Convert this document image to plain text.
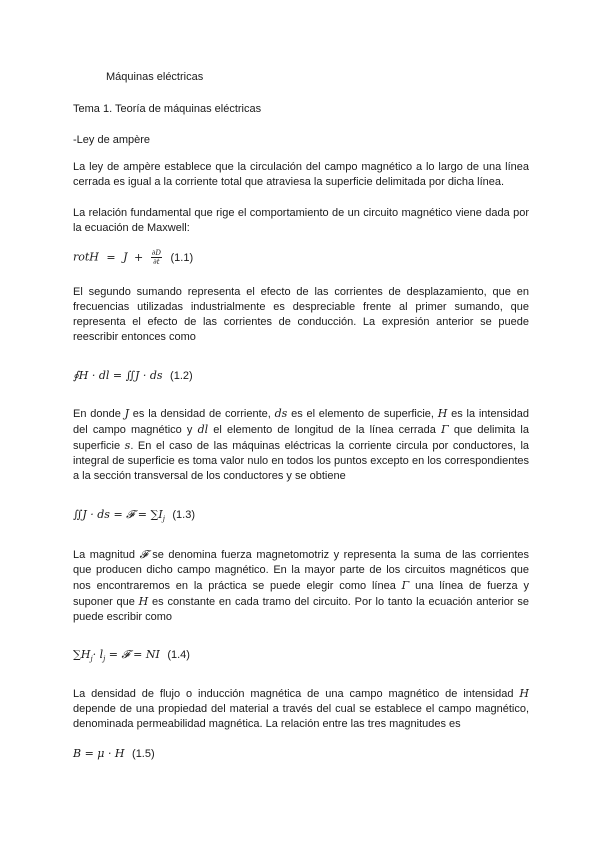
Máquinas eléctricas
Tema 1. Teoría de máquinas eléctricas
-Ley de ampère
La ley de ampère establece que la circulación del campo magnético a lo largo de una línea cerrada es igual a la corriente total que atraviesa la superficie delimitada por dicha línea.
La relación fundamental que rige el comportamiento de un circuito magnético viene dada por la ecuación de Maxwell:
rotH = $J + \frac{\partial D}{\partial t} (1.1)$
El segundo sumando representa el efecto de las corrientes de desplazamiento, que en frecuencias utilizadas industrialmente es despreciable frente al primer sumando, que representa el efecto de las corrientes de conducción. La expresión anterior se puede reescribir entonces como
∮H · dl = ∬J · ds (1.2)
En donde J es la densidad de corriente, ds es el elemento de superficie, H es la intensidad del campo magnético y dl el elemento de longitud de la línea cerrada Γ que delimita la superficie s. En el caso de las máquinas eléctricas la corriente circula por conductores, la integral de superficie es toma valor nulo en todos los puntos excepto en los correspondientes a la sección transversal de los conductores y se obtiene
∬J · ds = 𝓕 = $\sum I_j$ (1.3)
La magnitud 𝓕 se denomina fuerza magnetomotriz y representa la suma de las corrientes que producen dicho campo magnético. En la mayor parte de los circuitos magnéticos que nos encontraremos en la práctica se puede elegir como línea Γ una línea de fuerza y suponer que H es constante en cada tramo del circuito. Por lo tanto la ecuación anterior se puede escribir como
$\sum H_j\cdot l_j$ = 𝓕 = NI (1.4)
La densidad de flujo o inducción magnética de una campo magnético de intensidad H depende de una propiedad del material a través del cual se establece el campo magnético, denominada permeabilidad magnética. La relación entre las tres magnitudes es
B = μ · H (1.5)
